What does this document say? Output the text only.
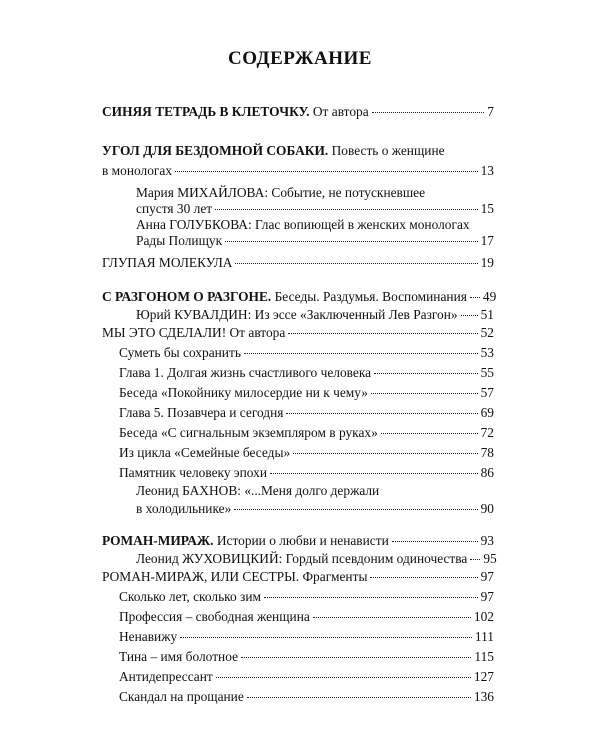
СОДЕРЖАНИЕ
СИНЯЯ ТЕТРАДЬ В КЛЕТОЧКУ. От автора	7
УГОЛ ДЛЯ БЕЗДОМНОЙ СОБАКИ. Повесть о женщине
в монологах	13
Мария МИХАЙЛОВА: Событие, не потускневшее
спустя 30 лет	15
Анна ГОЛУБКОВА: Глас вопиющей в женских монологах
Рады Полищук	17
ГЛУПАЯ МОЛЕКУЛА	19
С РАЗГОНОМ О РАЗГОНЕ. Беседы. Раздумья. Воспоминания 49
Юрий КУВАЛДИН: Из эссе «Заключенный Лев Разгон» 51
МЫ ЭТО СДЕЛАЛИ! От автора	52
Суметь бы сохранить	53
Глава 1. Долгая жизнь счастливого человека	55
Беседа «Покойнику милосердие ни к чему»	57
Глава 5. Позавчера и сегодня	69
Беседа «С сигнальным экземпляром в руках»	72
Из цикла «Семейные беседы»	78
Памятник человеку эпохи	86
Леонид БАХНОВ: «...Меня долго держали
в холодильнике»	90
РОМАН-МИРАЖ. Истории о любви и ненависти	93
Леонид ЖУХОВИЦКИЙ: Гордый псевдоним одиночества 95
РОМАН-МИРАЖ, ИЛИ СЕСТРЫ. Фрагменты	97
Сколько лет, сколько зим	97
Профессия – свободная женщина	102
Ненавижу	111
Тина – имя болотное	115
Антидепрессант	127
Скандал на прощание	136
